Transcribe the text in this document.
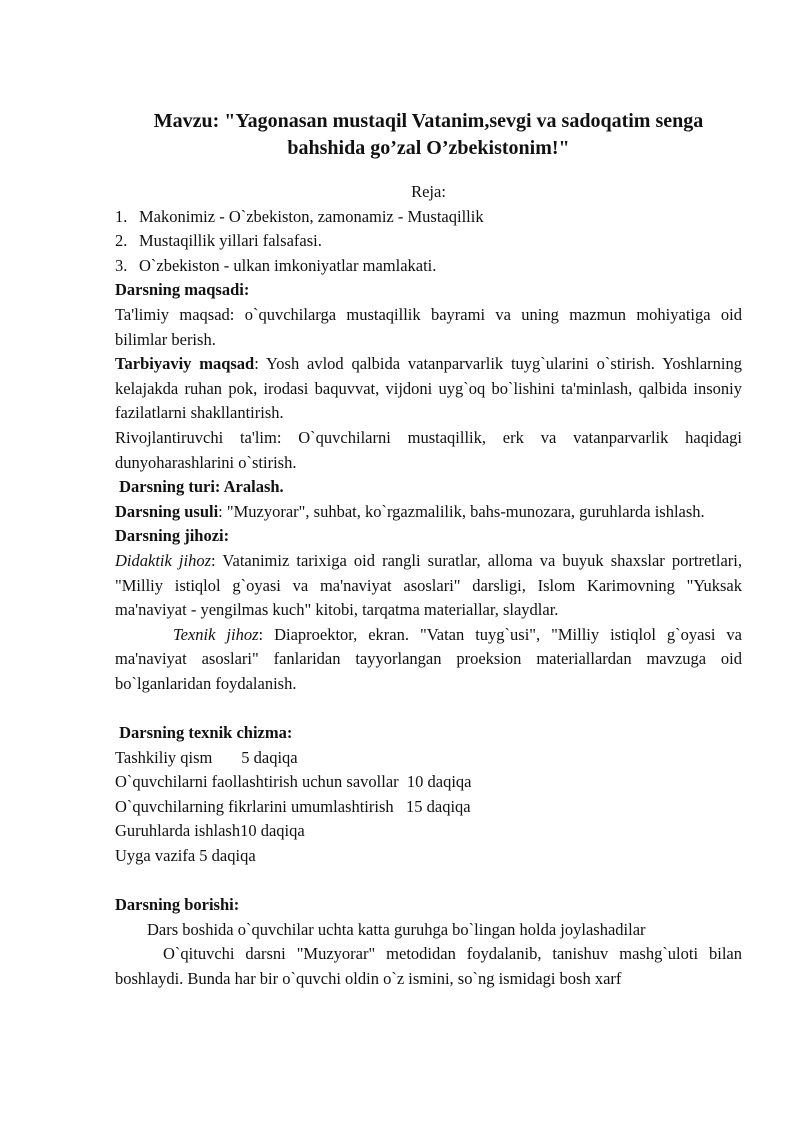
Mavzu: "Yagonasan mustaqil Vatanim,sevgi va sadoqatim senga
bahshida go’zal O’zbekistonim!"

Reja:

1. Makonimiz - O`zbekiston, zamonamiz - Mustaqillik
2. Mustaqillik yillari falsafasi.
3. O`zbekiston - ulkan imkoniyatlar mamlakati.

Darsning maqsadi:

Ta'limiy maqsad: o`quvchilarga mustaqillik bayrami va uning mazmun mohiyatiga oid bilimlar berish.

Tarbiyaviy maqsad: Yosh avlod qalbida vatanparvarlik tuyg`ularini o`stirish. Yoshlarning kelajakda ruhan pok, irodasi baquvvat, vijdoni uyg`oq bo`lishini ta'minlash, qalbida insoniy fazilatlarni shakllantirish.

Rivojlantiruvchi ta'lim: O`quvchilarni mustaqillik, erk va vatanparvarlik haqidagi dunyoharashlarini o`stirish.

Darsning turi: Aralash.

Darsning usuli: "Muzyorar", suhbat, ko`rgazmalilik, bahs-munozara, guruhlarda ishlash.

Darsning jihozi:

Didaktik jihoz: Vatanimiz tarixiga oid rangli suratlar, alloma va buyuk shaxslar portretlari, "Milliy istiqlol g`oyasi va ma'naviyat asoslari" darsligi, Islom Karimovning "Yuksak ma'naviyat - yengilmas kuch" kitobi, tarqatma materiallar, slaydlar.

Texnik jihoz: Diaproektor, ekran. "Vatan tuyg`usi", "Milliy istiqlol g`oyasi va ma'naviyat asoslari" fanlaridan tayyorlangan proeksion materiallardan mavzuga oid bo`lganlaridan foydalanish.

Darsning texnik chizma:

Tashkiliy qism       5 daqiqa
O`quvchilarni faollashtirish uchun savollar  10 daqiqa
O`quvchilarning fikrlarini umumlashtirish   15 daqiqa
Guruhlarda ishlash10 daqiqa
Uyga vazifa 5 daqiqa

Darsning borishi:

Dars boshida o`quvchilar uchta katta guruhga bo`lingan holda joylashadilar

O`qituvchi darsni "Muzyorar" metodidan foydalanib, tanishuv mashg`uloti bilan boshlaydi. Bunda har bir o`quvchi oldin o`z ismini, so`ng ismidagi bosh xarf
